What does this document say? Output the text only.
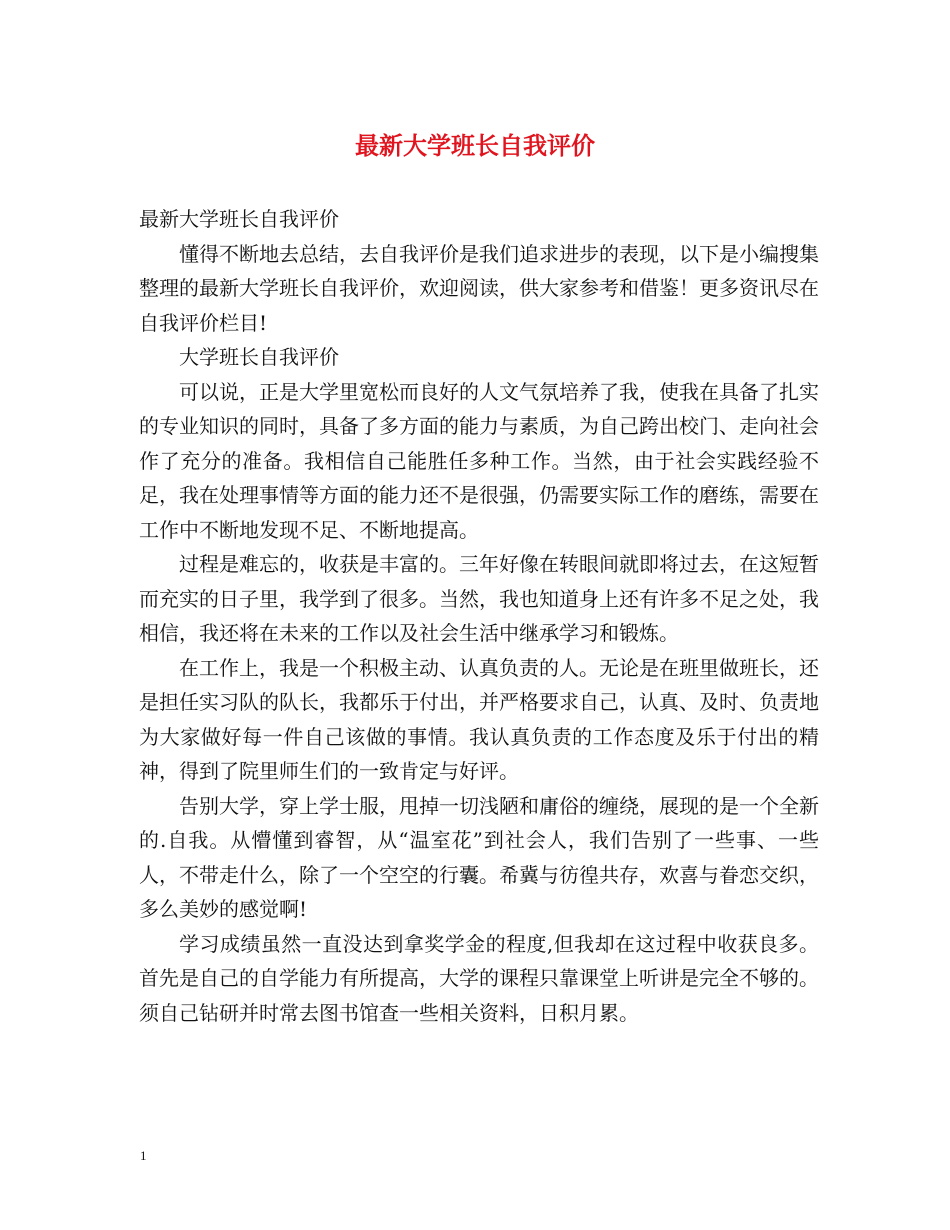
最新大学班长自我评价

最新大学班长自我评价

懂得不断地去总结，去自我评价是我们追求进步的表现，以下是小编搜集整理的最新大学班长自我评价，欢迎阅读，供大家参考和借鉴！更多资讯尽在自我评价栏目!

大学班长自我评价

可以说，正是大学里宽松而良好的人文气氛培养了我，使我在具备了扎实的专业知识的同时，具备了多方面的能力与素质，为自己跨出校门、走向社会作了充分的准备。我相信自己能胜任多种工作。当然，由于社会实践经验不足，我在处理事情等方面的能力还不是很强，仍需要实际工作的磨练，需要在工作中不断地发现不足、不断地提高。

过程是难忘的，收获是丰富的。三年好像在转眼间就即将过去，在这短暂而充实的日子里，我学到了很多。当然，我也知道身上还有许多不足之处，我相信，我还将在未来的工作以及社会生活中继承学习和锻炼。

在工作上，我是一个积极主动、认真负责的人。无论是在班里做班长，还是担任实习队的队长，我都乐于付出，并严格要求自己，认真、及时、负责地为大家做好每一件自己该做的事情。我认真负责的工作态度及乐于付出的精神，得到了院里师生们的一致肯定与好评。

告别大学，穿上学士服，甩掉一切浅陋和庸俗的缠绕，展现的是一个全新的.自我。从懵懂到睿智，从“温室花”到社会人，我们告别了一些事、一些人，不带走什么，除了一个空空的行囊。希冀与彷徨共存，欢喜与眷恋交织，多么美妙的感觉啊!

学习成绩虽然一直没达到拿奖学金的程度,但我却在这过程中收获良多。首先是自己的自学能力有所提高，大学的课程只靠课堂上听讲是完全不够的。须自己钻研并时常去图书馆查一些相关资料，日积月累。

1
